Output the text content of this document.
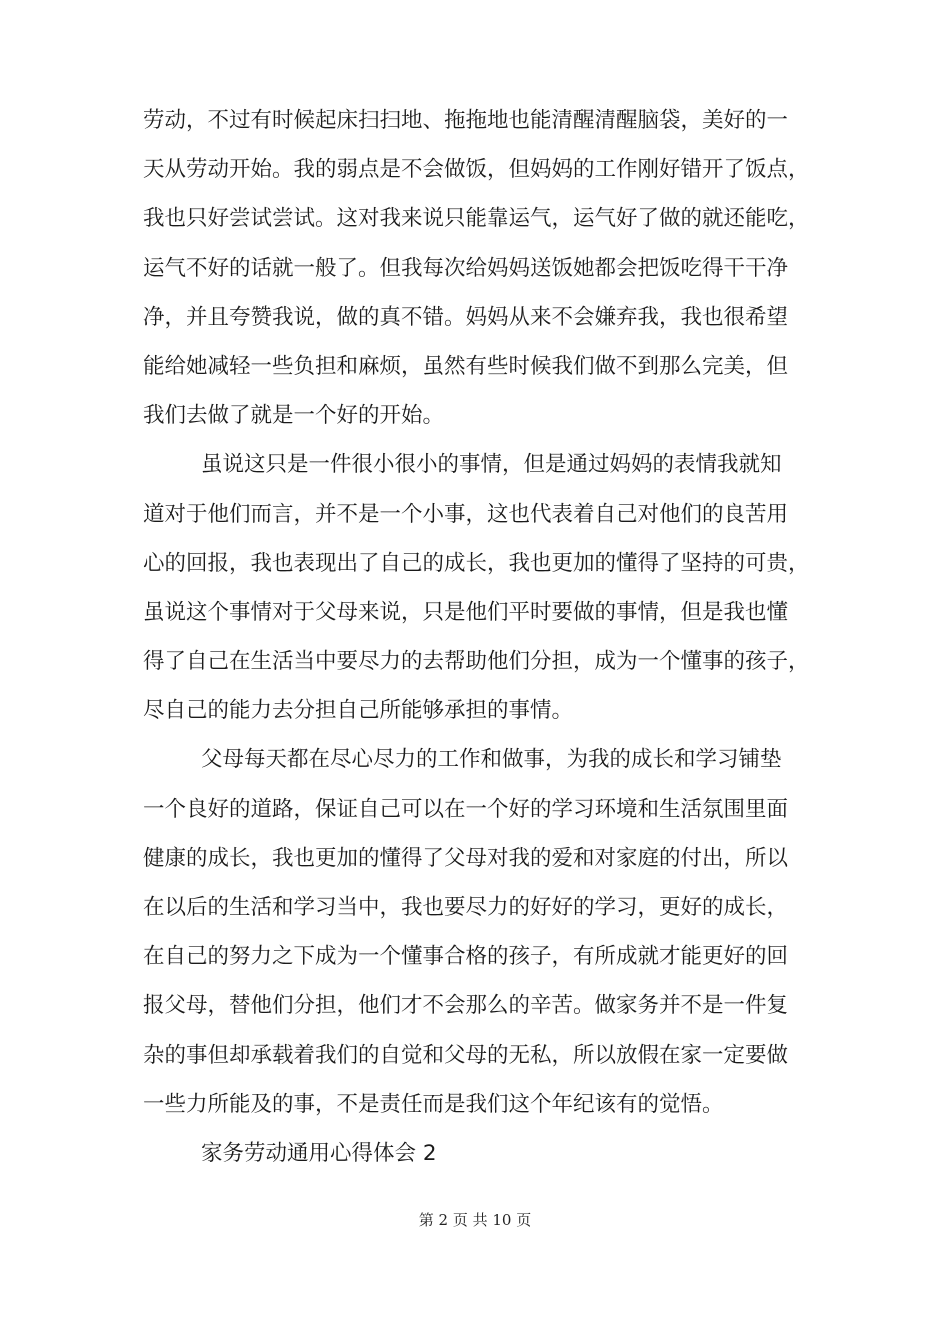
劳动，不过有时候起床扫扫地、拖拖地也能清醒清醒脑袋，美好的一
天从劳动开始。我的弱点是不会做饭，但妈妈的工作刚好错开了饭点，
我也只好尝试尝试。这对我来说只能靠运气，运气好了做的就还能吃，
运气不好的话就一般了。但我每次给妈妈送饭她都会把饭吃得干干净
净，并且夸赞我说，做的真不错。妈妈从来不会嫌弃我，我也很希望
能给她减轻一些负担和麻烦，虽然有些时候我们做不到那么完美，但
我们去做了就是一个好的开始。
虽说这只是一件很小很小的事情，但是通过妈妈的表情我就知
道对于他们而言，并不是一个小事，这也代表着自己对他们的良苦用
心的回报，我也表现出了自己的成长，我也更加的懂得了坚持的可贵，
虽说这个事情对于父母来说，只是他们平时要做的事情，但是我也懂
得了自己在生活当中要尽力的去帮助他们分担，成为一个懂事的孩子，
尽自己的能力去分担自己所能够承担的事情。
父母每天都在尽心尽力的工作和做事，为我的成长和学习铺垫
一个良好的道路，保证自己可以在一个好的学习环境和生活氛围里面
健康的成长，我也更加的懂得了父母对我的爱和对家庭的付出，所以
在以后的生活和学习当中，我也要尽力的好好的学习，更好的成长，
在自己的努力之下成为一个懂事合格的孩子，有所成就才能更好的回
报父母，替他们分担，他们才不会那么的辛苦。做家务并不是一件复
杂的事但却承载着我们的自觉和父母的无私，所以放假在家一定要做
一些力所能及的事，不是责任而是我们这个年纪该有的觉悟。
家务劳动通用心得体会 2
第 2 页 共 10 页
